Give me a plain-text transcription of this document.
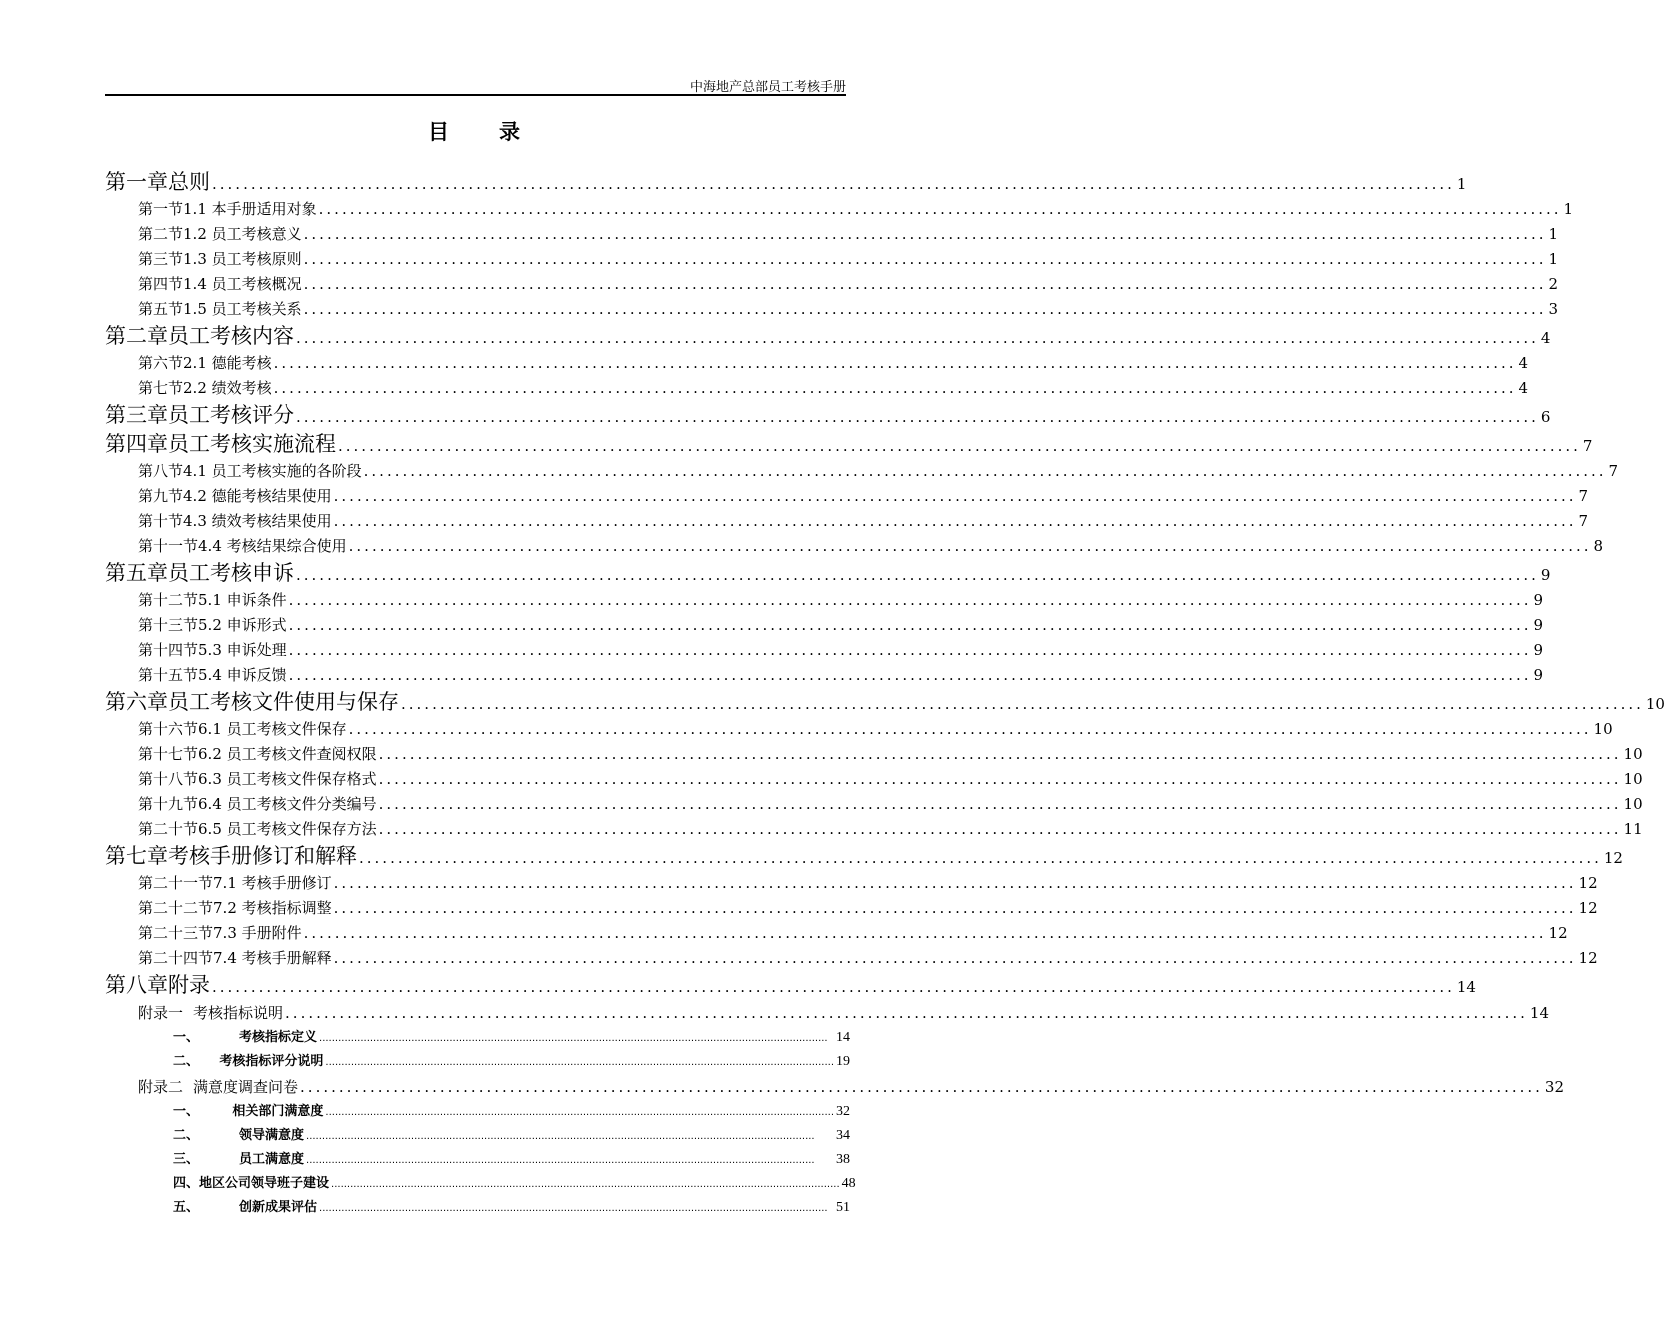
中海地产总部员工考核手册
目 录
第一章 总则 ................................................................................................................................................................ 1
第一节 1.1 本手册适用对象 ................................................................................................................................................................ 1
第二节 1.2 员工考核意义 ................................................................................................................................................................ 1
第三节 1.3 员工考核原则 ................................................................................................................................................................ 1
第四节 1.4 员工考核概况 ................................................................................................................................................................ 2
第五节 1.5 员工考核关系 ................................................................................................................................................................ 3
第二章 员工考核内容 ................................................................................................................................................................ 4
第六节 2.1 德能考核 ................................................................................................................................................................ 4
第七节 2.2 绩效考核 ................................................................................................................................................................ 4
第三章 员工考核评分 ................................................................................................................................................................ 6
第四章 员工考核实施流程 ................................................................................................................................................................ 7
第八节 4.1 员工考核实施的各阶段 ................................................................................................................................................................ 7
第九节 4.2 德能考核结果使用 ................................................................................................................................................................ 7
第十节 4.3 绩效考核结果使用 ................................................................................................................................................................ 7
第十一节 4.4 考核结果综合使用 ................................................................................................................................................................ 8
第五章 员工考核申诉 ................................................................................................................................................................ 9
第十二节 5.1 申诉条件 ................................................................................................................................................................ 9
第十三节 5.2 申诉形式 ................................................................................................................................................................ 9
第十四节 5.3 申诉处理 ................................................................................................................................................................ 9
第十五节 5.4 申诉反馈 ................................................................................................................................................................ 9
第六章 员工考核文件使用与保存 ................................................................................................................................................................ 10
第十六节 6.1 员工考核文件保存 ................................................................................................................................................................ 10
第十七节 6.2 员工考核文件查阅权限 ................................................................................................................................................................ 10
第十八节 6.3 员工考核文件保存格式 ................................................................................................................................................................ 10
第十九节 6.4 员工考核文件分类编号 ................................................................................................................................................................ 10
第二十节 6.5 员工考核文件保存方法 ................................................................................................................................................................ 11
第七章 考核手册修订和解释 ................................................................................................................................................................ 12
第二十一节 7.1 考核手册修订 ................................................................................................................................................................ 12
第二十二节 7.2 考核指标调整 ................................................................................................................................................................ 12
第二十三节 7.3 手册附件 ................................................................................................................................................................ 12
第二十四节 7.4 考核手册解释 ................................................................................................................................................................ 12
第八章 附录 ................................................................................................................................................................ 14
附录一 考核指标说明 ................................................................................................................................................................ 14
一、	考核指标定义 ................................................................................................................................................................ 14
二、	考核指标评分说明 ................................................................................................................................................................ 19
附录二 满意度调查问卷 ................................................................................................................................................................ 32
一、	相关部门满意度 ................................................................................................................................................................ 32
二、	领导满意度 ................................................................................................................................................................	34
三、	员工满意度 ................................................................................................................................................................	38
四、 地区公司领导班子建设 ................................................................................................................................................................ 48
五、	创新成果评估 ................................................................................................................................................................ 51
